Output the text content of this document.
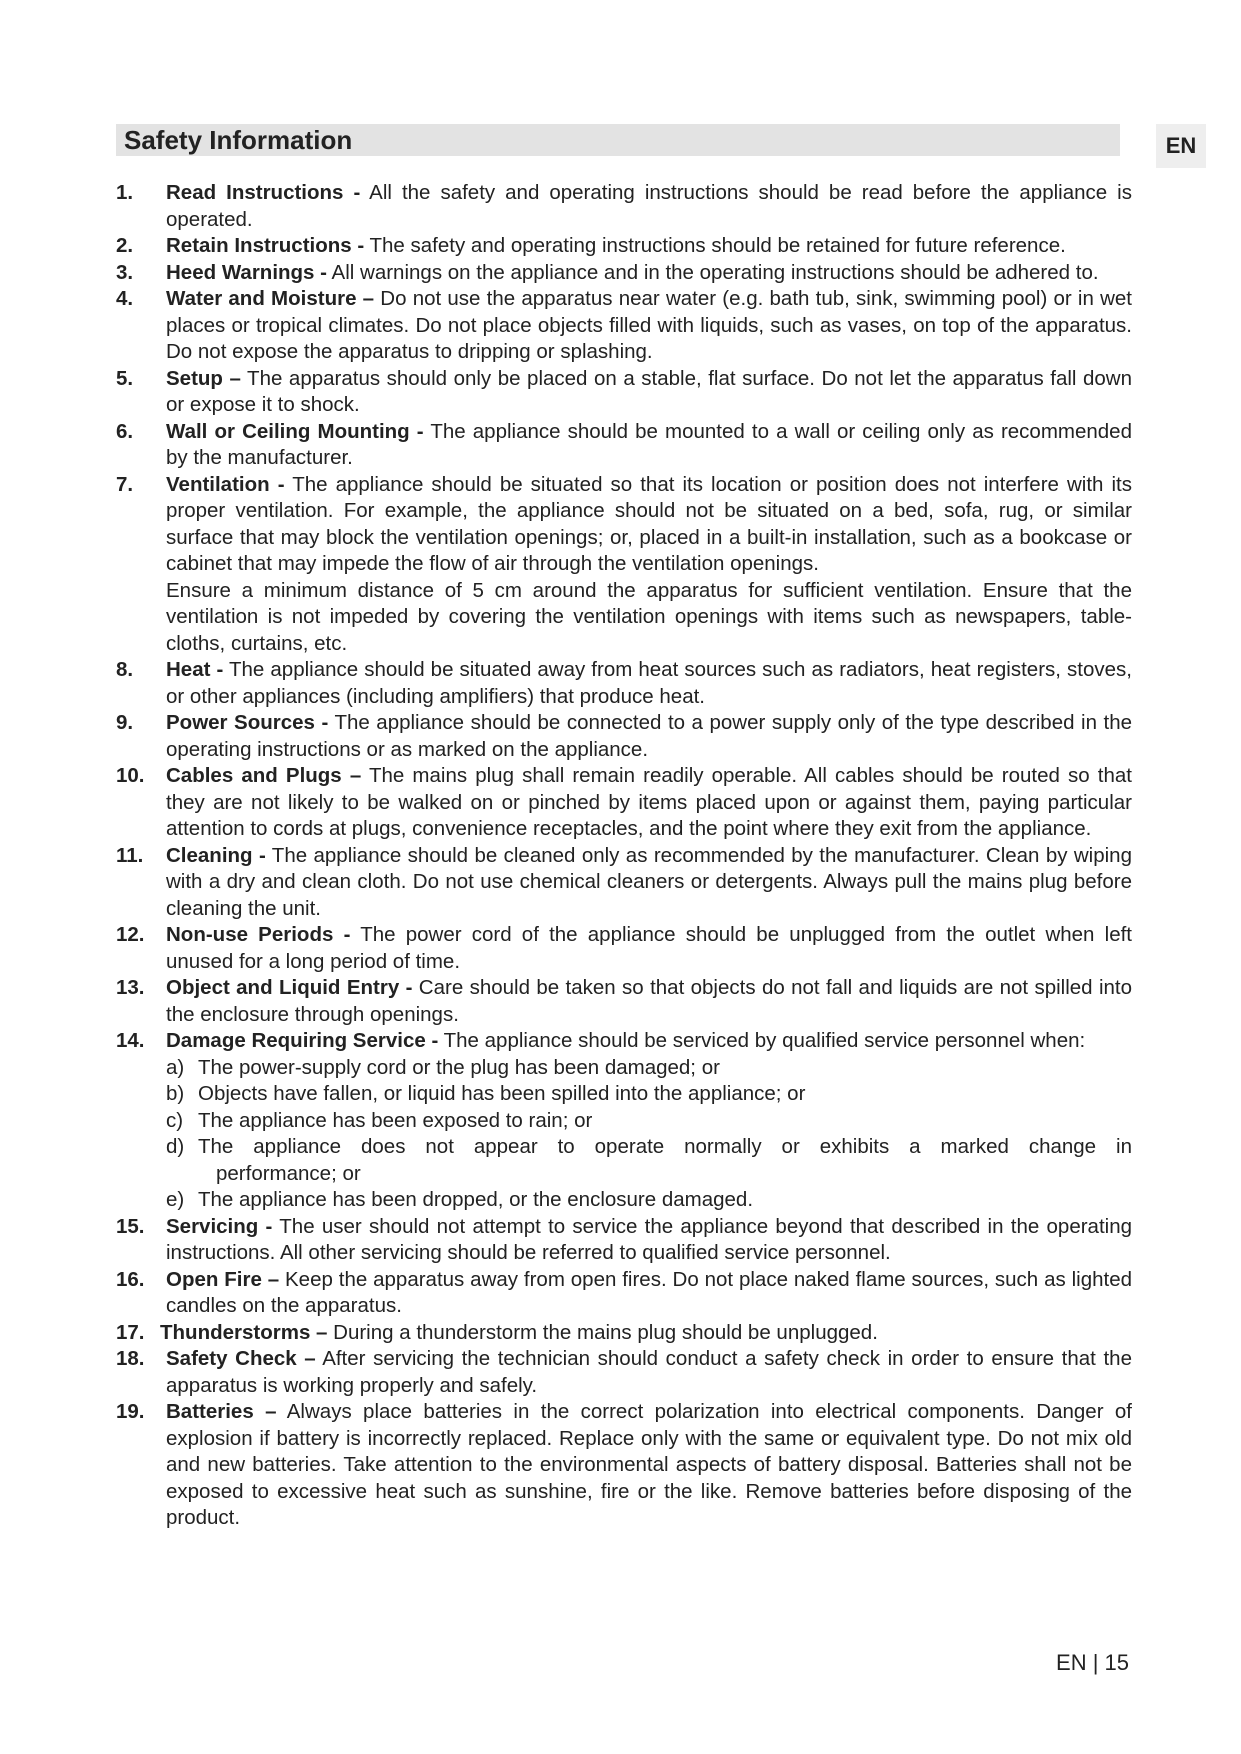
Safety Information	EN
1. Read Instructions - All the safety and operating instructions should be read before the appliance is operated.
2. Retain Instructions - The safety and operating instructions should be retained for future reference.
3. Heed Warnings - All warnings on the appliance and in the operating instructions should be adhered to.
4. Water and Moisture – Do not use the apparatus near water (e.g. bath tub, sink, swimming pool) or in wet places or tropical climates. Do not place objects filled with liquids, such as vases, on top of the apparatus. Do not expose the apparatus to dripping or splashing.
5. Setup – The apparatus should only be placed on a stable, flat surface. Do not let the apparatus fall down or expose it to shock.
6. Wall or Ceiling Mounting - The appliance should be mounted to a wall or ceiling only as recommended by the manufacturer.
7. Ventilation - The appliance should be situated so that its location or position does not interfere with its proper ventilation. For example, the appliance should not be situated on a bed, sofa, rug, or similar surface that may block the ventilation openings; or, placed in a built-in installation, such as a bookcase or cabinet that may impede the flow of air through the ventilation openings.
Ensure a minimum distance of 5 cm around the apparatus for sufficient ventilation. Ensure that the ventilation is not impeded by covering the ventilation openings with items such as newspapers, table-cloths, curtains, etc.
8. Heat - The appliance should be situated away from heat sources such as radiators, heat registers, stoves, or other appliances (including amplifiers) that produce heat.
9. Power Sources - The appliance should be connected to a power supply only of the type described in the operating instructions or as marked on the appliance.
10. Cables and Plugs – The mains plug shall remain readily operable. All cables should be routed so that they are not likely to be walked on or pinched by items placed upon or against them, paying particular attention to cords at plugs, convenience receptacles, and the point where they exit from the appliance.
11. Cleaning - The appliance should be cleaned only as recommended by the manufacturer. Clean by wiping with a dry and clean cloth. Do not use chemical cleaners or detergents. Always pull the mains plug before cleaning the unit.
12. Non-use Periods - The power cord of the appliance should be unplugged from the outlet when left unused for a long period of time.
13. Object and Liquid Entry - Care should be taken so that objects do not fall and liquids are not spilled into the enclosure through openings.
14. Damage Requiring Service - The appliance should be serviced by qualified service personnel when:
a) The power-supply cord or the plug has been damaged; or
b) Objects have fallen, or liquid has been spilled into the appliance; or
c) The appliance has been exposed to rain; or
d) The appliance does not appear to operate normally or exhibits a marked change in
performance; or
e) The appliance has been dropped, or the enclosure damaged.
15. Servicing - The user should not attempt to service the appliance beyond that described in the operating instructions. All other servicing should be referred to qualified service personnel.
16. Open Fire – Keep the apparatus away from open fires. Do not place naked flame sources, such as lighted candles on the apparatus.
17. Thunderstorms – During a thunderstorm the mains plug should be unplugged.
18. Safety Check – After servicing the technician should conduct a safety check in order to ensure that the apparatus is working properly and safely.
19. Batteries – Always place batteries in the correct polarization into electrical components. Danger of explosion if battery is incorrectly replaced. Replace only with the same or equivalent type. Do not mix old and new batteries. Take attention to the environmental aspects of battery disposal. Batteries shall not be exposed to excessive heat such as sunshine, fire or the like. Remove batteries before disposing of the product.
EN | 15
